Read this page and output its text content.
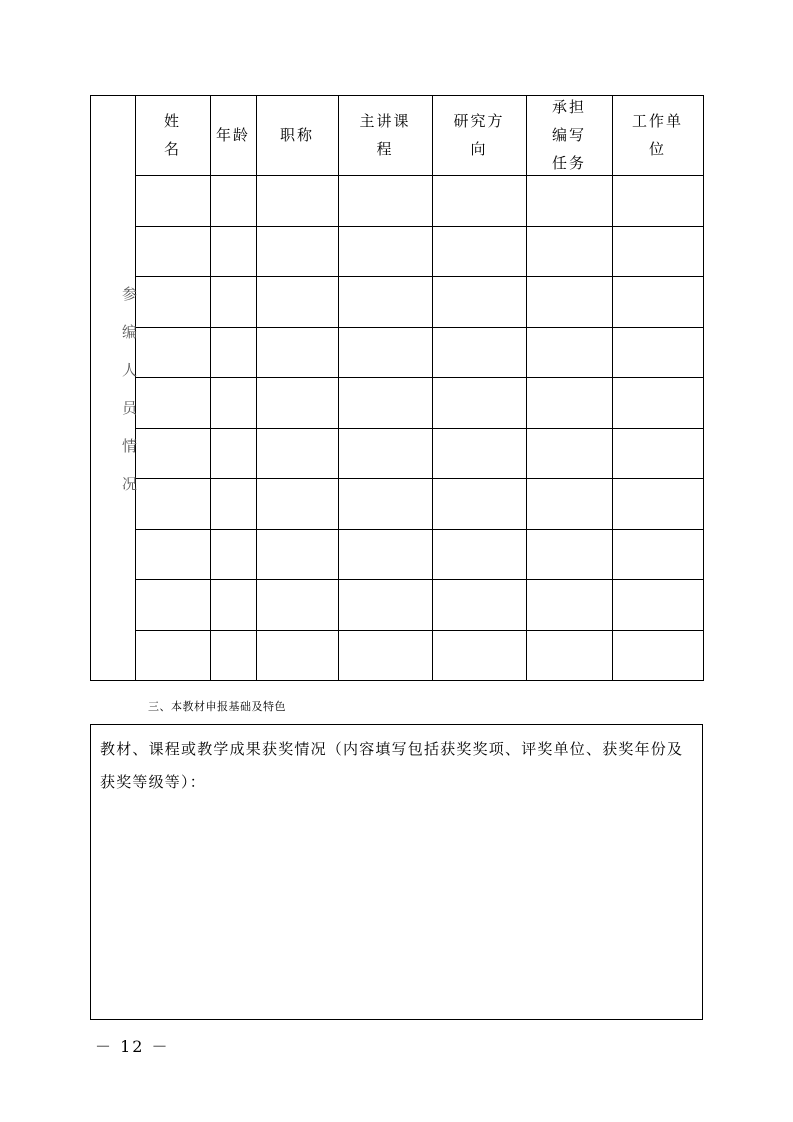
姓
名
年龄 职称
主讲课
程
研究方
向
承担
编写
任务
工作单
位
参
编
人
员
情
况
三、本教材申报基础及特色
教材、课程或教学成果获奖情况（内容填写包括获奖奖项、评奖单位、获奖年份及获奖等级等）：
－ 12 －
